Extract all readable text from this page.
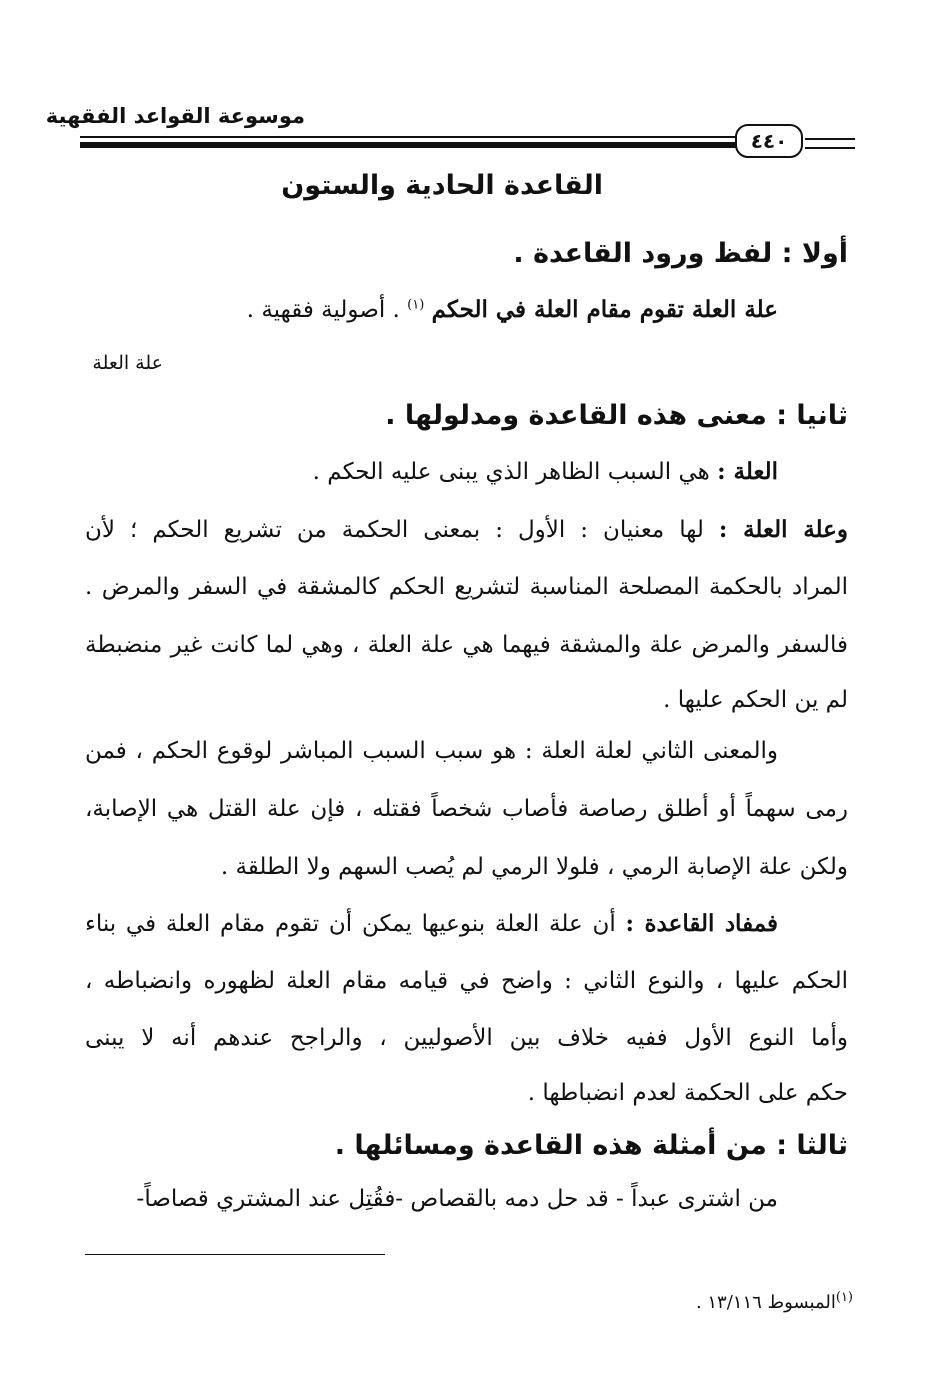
موسوعة القواعد الفقهية
٤٤٠
القاعدة الحادية والستون
أولا : لفظ ورود القاعدة .
علة العلة تقوم مقام العلة في الحكم $^{(١)}$ . أصولية فقهية .
علة العلة
ثانيا : معنى هذه القاعدة ومدلولها .
العلة : هي السبب الظاهر الذي يبنى عليه الحكم .
وعلة العلة : لها معنيان : الأول : بمعنى الحكمة من تشريع الحكم ؛ لأن
المراد بالحكمة المصلحة المناسبة لتشريع الحكم كالمشقة في السفر والمرض .
فالسفر والمرض علة والمشقة فيهما هي علة العلة ، وهي لما كانت غير منضبطة
لم ين الحكم عليها .
والمعنى الثاني لعلة العلة : هو سبب السبب المباشر لوقوع الحكم ، فمن
رمى سهماً أو أطلق رصاصة فأصاب شخصاً فقتله ، فإن علة القتل هي الإصابة،
ولكن علة الإصابة الرمي ، فلولا الرمي لم يُصب السهم ولا الطلقة .
فمفاد القاعدة : أن علة العلة بنوعيها يمكن أن تقوم مقام العلة في بناء
الحكم عليها ، والنوع الثاني : واضح في قيامه مقام العلة لظهوره وانضباطه ،
وأما النوع الأول ففيه خلاف بين الأصوليين ، والراجح عندهم أنه لا يبنى
حكم على الحكمة لعدم انضباطها .
ثالثا : من أمثلة هذه القاعدة ومسائلها .
من اشترى عبداً - قد حل دمه بالقصاص -فقُتِل عند المشتري قصاصاً-
$^{(١)}$المبسوط ١٣/١١٦ .
